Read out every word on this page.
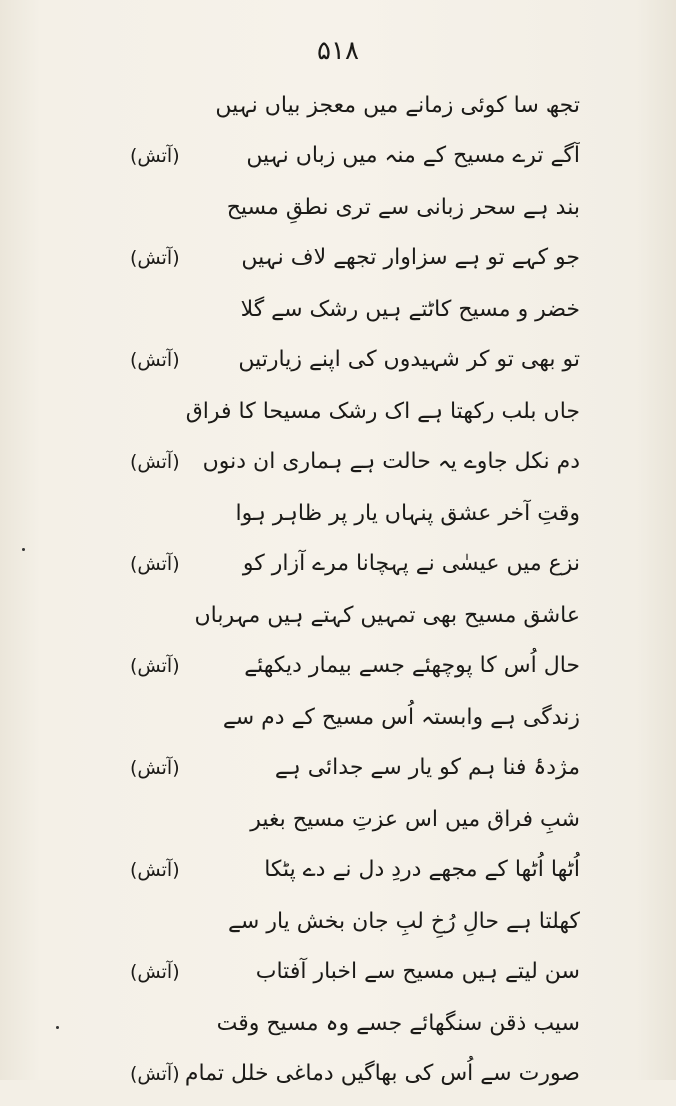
۵۱۸
تجھ سا کوئی زمانے میں معجز بیاں نہیں
آگے ترے مسیح کے منہ میں زباں نہیں
(آتش)
بند ہے سحر زبانی سے تری نطقِ مسیح
جو کہے تو ہے سزاوار تجھے لاف نہیں
(آتش)
خضر و مسیح کاٹتے ہیں رشک سے گلا
تو بھی تو کر شہیدوں کی اپنے زیارتیں
(آتش)
جاں بلب رکھتا ہے اک رشک مسیحا کا فراق
دم نکل جاوے یہ حالت ہے ہماری ان دنوں
(آتش)
وقتِ آخر عشق پنہاں یار پر ظاہر ہوا
نزع میں عیسٰی نے پہچانا مرے آزار کو
(آتش)
عاشق مسیح بھی تمہیں کہتے ہیں مہرباں
حال اُس کا پوچھئے جسے بیمار دیکھئے
(آتش)
زندگی ہے وابستہ اُس مسیح کے دم سے
مژدۂ فنا ہم کو یار سے جدائی ہے
(آتش)
شبِ فراق میں اس عزتِ مسیح بغیر
اُٹھا اُٹھا کے مجھے دردِ دل نے دے پٹکا
(آتش)
کھلتا ہے حالِ رُخِ لبِ جان بخش یار سے
سن لیتے ہیں مسیح سے اخبار آفتاب
(آتش)
سیب ذقن سنگھائے جسے وہ مسیح وقت
صورت سے اُس کی بھاگیں دماغی خلل تمام
(آتش)
